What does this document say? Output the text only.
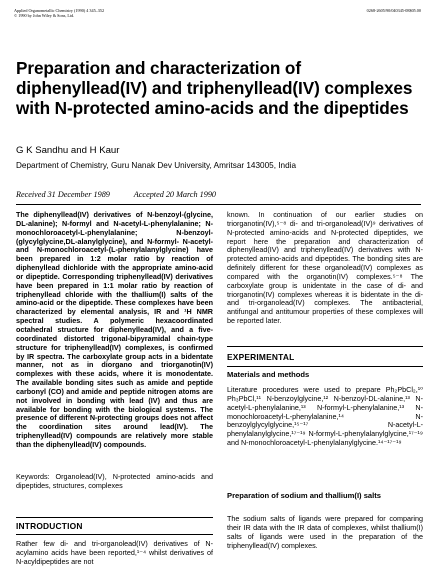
Applied Organometallic Chemistry (1990) 4 345–352
© 1990 by John Wiley & Sons, Ltd.
0268-2605/90/040345-08$05.00
Preparation and characterization of diphenyllead(IV) and triphenyllead(IV) complexes with N-protected amino-acids and the dipeptides
G K Sandhu and H Kaur
Department of Chemistry, Guru Nanak Dev University, Amritsar 143005, India
Received 31 December 1989	Accepted 20 March 1990
The diphenyllead(IV) derivatives of N-benzoyl-(glycine, DL-alanine); N-formyl and N-acetyl-L-phenylalanine; N-monochloroacetyl-L-phenylalanine; N-benzoyl-(glycylglycine,DL-alanylglycine), and N-formyl- N-acetyl- and N-monochloroacetyl-(L-phenylalanylglycine) have been prepared in 1:2 molar ratio by reaction of diphenyllead dichloride with the appropriate amino-acid or dipeptide. Corresponding triphenyllead(IV) derivatives have been prepared in 1:1 molar ratio by reaction of triphenyllead chloride with the thallium(I) salts of the amino-acid or the dipeptide. These complexes have been characterized by elemental analysis, IR and ¹H NMR spectral studies. A polymeric hexacoordinated octahedral structure for diphenyllead(IV), and a five-coordinated distorted trigonal-bipyramidal chain-type structure for triphenyllead(IV) complexes, is confirmed by IR spectra. The carboxylate group acts in a bidentate manner, not as in diorgano and triorganotin(IV) complexes with these acids, where it is monodentate. The available bonding sites such as amide and peptide carbonyl (CO) and amide and peptide nitrogen atoms are not involved in bonding with lead (IV) and thus are available for bonding with the biological systems. The presence of different N-protecting groups does not affect the coordination sites around lead(IV). The triphenyllead(IV) compounds are relatively more stable than the diphenyllead(IV) compounds.
Keywords: Organolead(IV), N-protected amino-acids and dipeptides, structures, complexes
INTRODUCTION
Rather few di- and tri-organolead(IV) derivatives of N-acylamino acids have been reported,¹⁻⁴ whilst derivatives of N-acyldipeptides are not
known. In continuation of our earlier studies on triorganotin(IV),⁵⁻⁸ di- and tri-organolead(IV)⁹ derivatives of N-protected amino-acids and N-protected dipeptides, we report here the preparation and characterization of diphenyllead(IV) and triphenyllead(IV) derivatives with N-protected amino-acids and dipeptides. The bonding sites are definitely different for these organolead(IV) complexes as compared with the organotin(IV) complexes.⁵⁻⁸ The carboxylate group is unidentate in the case of di- and triorganotin(IV) complexes whereas it is bidentate in the di- and tri-organolead(IV) complexes. The antibacterial, antifungal and antitumour properties of these complexes will be reported later.
EXPERIMENTAL
Materials and methods
Literature procedures were used to prepare Ph₂PbCl₂,¹⁰ Ph₃PbCl,¹¹ N-benzoylglycine,¹² N-benzoyl-DL-alanine,¹³ N-acetyl-L-phenylalanine,¹³ N-formyl-L-phenylalanine,¹³ N-monochloroacetyl-L-phenylalanine,¹⁴ N-benzoylglycylglycine,¹⁵⁻¹⁷ N-acetyl-L-phenylalanylglycine,¹⁷⁻¹⁹ N-formyl-L-phenylalanylglycine,¹⁷⁻¹⁹ and N-monochloroacetyl-L-phenylalanylglycine.¹⁴⁻¹⁷⁻¹⁹
Preparation of sodium and thallium(I) salts
The sodium salts of ligands were prepared for comparing their IR data with the IR data of complexes, whilst thallium(I) salts of ligands were used in the preparation of the triphenyllead(IV) complexes.
